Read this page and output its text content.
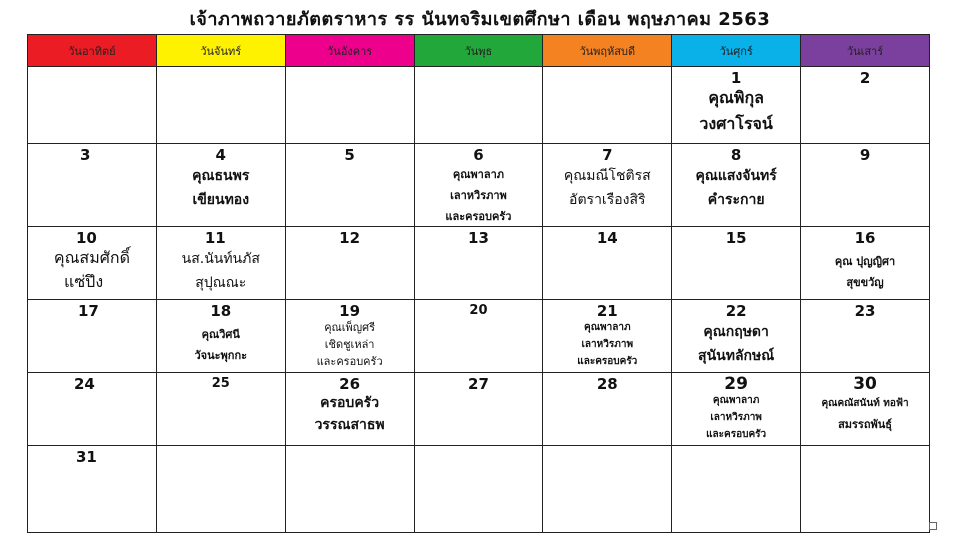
เจ้าภาพถวายภัตตราหาร รร นันทจริมเขตศึกษา เดือน พฤษภาคม 2563
วันอาทิตย์	วันจันทร์	วันอังคาร	วันพุธ	วันพฤหัสบดี	วันศุกร์	วันเสาร์

					1
คุณพิกุล
วงศาโรจน์	2

3	4
คุณธนพร
เขียนทอง	5	6
คุณพาลาภ
เลาหวิรภาพ
และครอบครัว	7
คุณมณีโชติรส
อัตราเรืองสิริ	8
คุณแสงจันทร์
คำระกาย	9

10
คุณสมศักดิ์
แซ่ปึง	11
นส.นันท์นภัส
สุปุณณะ	12	13	14	15	16
คุณ ปุญญิศา
สุขขวัญ

17	18
คุณวิศนี
วัจนะพุกกะ	19
คุณเพ็ญศรี
เชิดชูเหล่า
และครอบครัว	20	21
คุณพาลาภ
เลาหวิรภาพ
และครอบครัว	22
คุณกฤษดา
สุนันทลักษณ์	23

24	25	26
ครอบครัว
วรรณสาธพ	27	28	29
คุณพาลาภ
เลาหวิรภาพ
และครอบครัว	30
คุณคณัสนันท์ ทอฟ้า
สมรรถพันธุ์

31						
